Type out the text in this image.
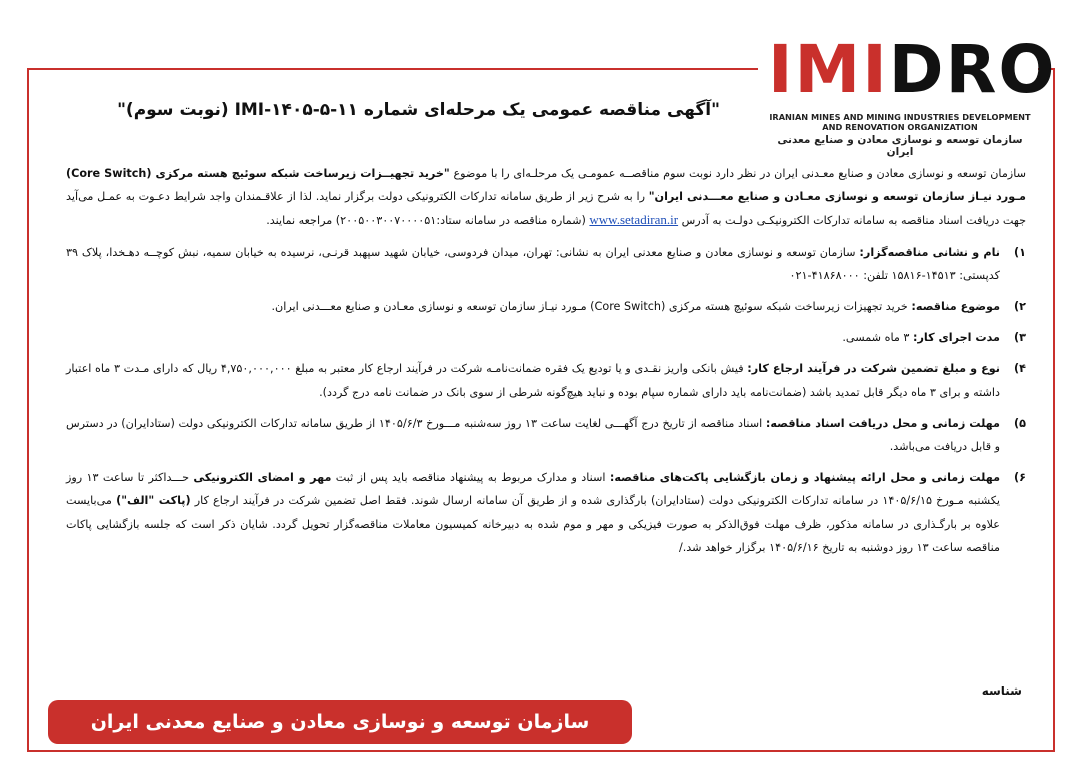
IMIDRO
IRANIAN MINES AND MINING INDUSTRIES DEVELOPMENT AND RENOVATION ORGANIZATION
سازمان توسعه و نوسازی معادن و صنایع معدنی ایران
"آگهی مناقصه عمومی یک مرحله‌ای شماره IMI-۱۴۰۵-۵-۱۱ (نوبت سوم)"

سازمان توسعه و نوسازی معادن و صنایع معـدنی ایران در نظر دارد نوبت سوم مناقصــه عمومـی یک مرحلـه‌ای را با موضوع "خرید تجهیــزات زیرساخت شبکه سوئیچ هسته مرکزی (Core Switch) مـورد نیـاز سازمان توسعه و نوسازی معـادن و صنایع معـــدنی ایران" را به شرح زیر از طریق سامانه تدارکات الکترونیکی دولت برگزار نماید. لذا از علاقـمندان واجد شرایط دعـوت به عمـل می‌آید جهت دریافت اسناد مناقصه به سامانه تدارکات الکترونیکـی دولـت به آدرس www.setadiran.ir (شماره مناقصه در سامانه ستاد:۲۰۰۵۰۰۳۰۰۷۰۰۰۰۵۱) مراجعه نمایند.

۱)
نام و نشانی مناقصه‌گزار: سازمان توسعه و نوسازی معادن و صنایع معدنی ایران به نشانی: تهران، میدان فردوسی، خیابان شهید سپهبد قرنـی، نرسیده به خیابان سمیه، نبش کوچــه دهـخدا، پلاک ۳۹ کدپستی: ۱۴۵۱۳-۱۵۸۱۶ تلفن: ۴۱۸۶۸۰۰۰-۰۲۱
۲)
موضوع مناقصه: خرید تجهیزات زیرساخت شبکه سوئیچ هسته مرکزی (Core Switch) مـورد نیـاز سازمان توسعه و نوسازی معـادن و صنایع معـــدنی ایران.
۳)
مدت اجرای کار: ۳ ماه شمسی.
۴)
نوع و مبلغ تضمین شرکت در فرآیند ارجاع کار: فیش بانکی واریز نقـدی و یا تودیع یک فقره ضمانت‌نامـه شرکت در فرآیند ارجاع کار معتبر به مبلغ ۴,۷۵۰,۰۰۰,۰۰۰ ریال که دارای مـدت ۳ ماه اعتبار داشته و برای ۳ ماه دیگر قابل تمدید باشد (ضمانت‌نامه باید دارای شماره سپام بوده و نباید هیچ‌گونه شرطی از سوی بانک در ضمانت نامه درج گردد).
۵)
مهلت زمانی و محل دریافت اسناد مناقصه: اسناد مناقصه از تاریخ درج آگهـــی لغایت ساعت ۱۳ روز سه‌شنبه مـــورخ ۱۴۰۵/۶/۳ از طریق سامانه تدارکات الکترونیکی دولت (ستادایران) در دسترس و قابل دریافت می‌باشد.
۶)
مهلت زمانی و محل ارائه پیشنهاد و زمان بازگشایی پاکت‌های مناقصه: اسناد و مدارک مربوط به پیشنهاد مناقصه باید پس از ثبت مهر و امضای الکترونیکی حـــداکثر تا ساعت ۱۳ روز یکشنبه مـورخ ۱۴۰۵/۶/۱۵ در سامانه تدارکات الکترونیکی دولت (ستادایران) بارگذاری شده و از طریق آن سامانه ارسال شوند. فقط اصل تضمین شرکت در فرآیند ارجاع کار (پاکت "الف") می‌بایست علاوه بر بارگـذاری در سامانه مذکور، ظرف مهلت فوق‌الذکر به صورت فیزیکی و مهر و موم شده به دبیرخانه کمیسیون معاملات مناقصه‌گزار تحویل گردد. شایان ذکر است که جلسه بازگشایی پاکات مناقصه ساعت ۱۳ روز دوشنبه به تاریخ ۱۴۰۵/۶/۱۶ برگزار خواهد شد./
شناسه
سازمان توسعه و نوسازی معادن و صنایع معدنی ایران
